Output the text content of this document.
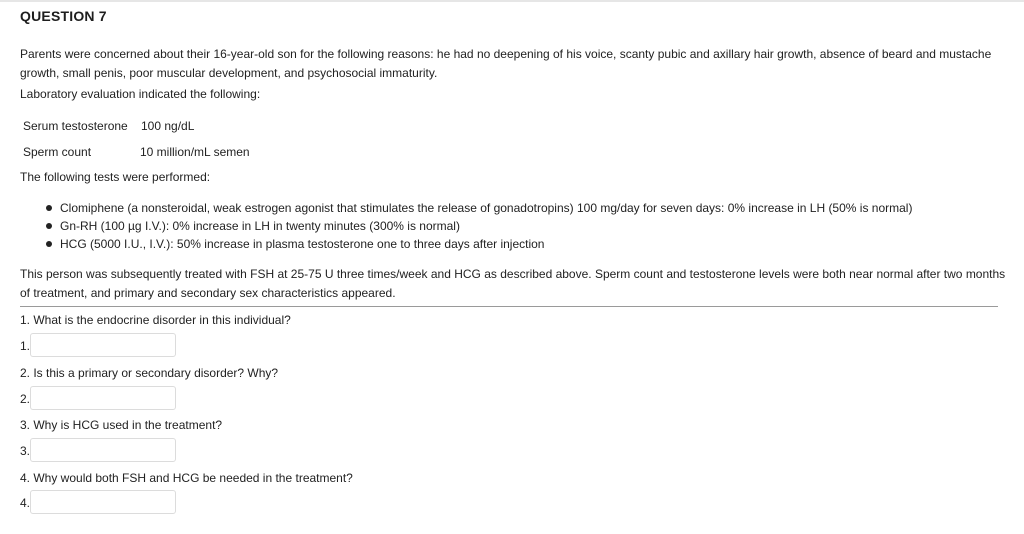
QUESTION 7
Parents were concerned about their 16-year-old son for the following reasons: he had no deepening of his voice, scanty pubic and axillary hair growth, absence of beard and mustache growth, small penis, poor muscular development, and psychosocial immaturity.
Laboratory evaluation indicated the following:
Serum testosterone 100 ng/dL
Sperm count	10 million/mL semen
The following tests were performed:
Clomiphene (a nonsteroidal, weak estrogen agonist that stimulates the release of gonadotropins) 100 mg/day for seven days: 0% increase in LH (50% is normal)
Gn-RH (100 µg I.V.): 0% increase in LH in twenty minutes (300% is normal)
HCG (5000 I.U., I.V.): 50% increase in plasma testosterone one to three days after injection
This person was subsequently treated with FSH at 25-75 U three times/week and HCG as described above. Sperm count and testosterone levels were both near normal after two months of treatment, and primary and secondary sex characteristics appeared.
1. What is the endocrine disorder in this individual?
1.
2. Is this a primary or secondary disorder? Why?
2.
3. Why is HCG used in the treatment?
3.
4. Why would both FSH and HCG be needed in the treatment?
4.
